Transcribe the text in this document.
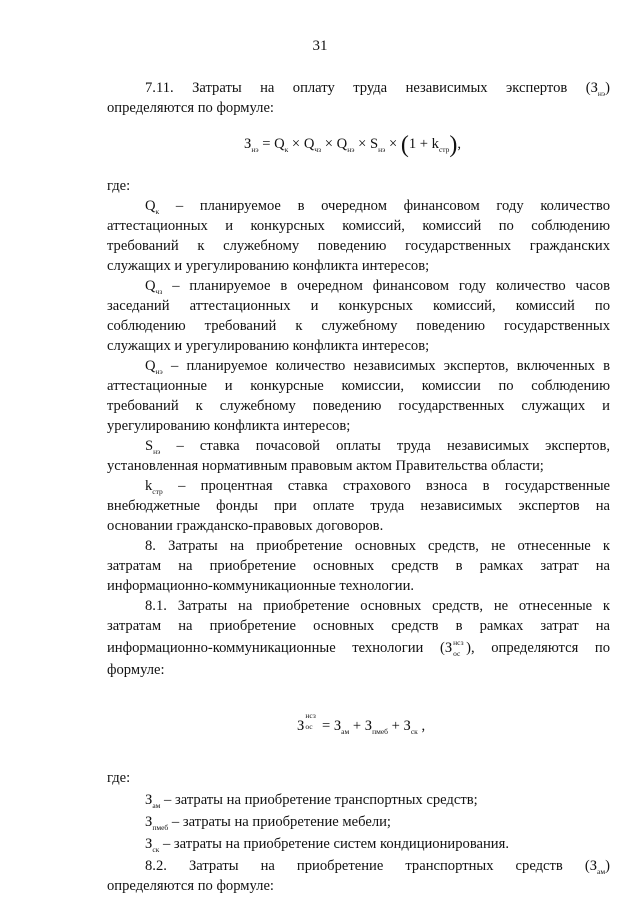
31
7.11. Затраты на оплату труда независимых экспертов $(З_{нэ})$
определяются по формуле:
$З_{нэ} = Q_к \times Q_{чз} \times Q_{нэ} \times S_{нэ} \times (1 + k_{стр})$,
где:
$Q_к$ – планируемое в очередном финансовом году количество
аттестационных и конкурсных комиссий, комиссий по соблюдению
требований к служебному поведению государственных гражданских
служащих и урегулированию конфликта интересов;
$Q_{чз}$ – планируемое в очередном финансовом году количество часов
заседаний аттестационных и конкурсных комиссий, комиссий по
соблюдению требований к служебному поведению государственных
служащих и урегулированию конфликта интересов;
$Q_{нэ}$ – планируемое количество независимых экспертов, включенных в
аттестационные и конкурсные комиссии, комиссии по соблюдению
требований к служебному поведению государственных служащих и
урегулированию конфликта интересов;
$S_{нэ}$ – ставка почасовой оплаты труда независимых экспертов,
установленная нормативным правовым актом Правительства области;
$k_{стр}$ – процентная ставка страхового взноса в государственные
внебюджетные фонды при оплате труда независимых экспертов на
основании гражданско-правовых договоров.
8. Затраты на приобретение основных средств, не отнесенные к
затратам на приобретение основных средств в рамках затрат на
информационно-коммуникационные технологии.
8.1. Затраты на приобретение основных средств, не отнесенные к
затратам на приобретение основных средств в рамках затрат на
информационно-коммуникационные технологии (З нсз
ос ), определяются по
формуле:
З
нсз
ос = $З_{ам} + З_{пмеб} + З_{ск}$ ,
где:
$З_{ам}$ – затраты на приобретение транспортных средств;
$З_{пмеб}$ – затраты на приобретение мебели;
$З_{ск}$ – затраты на приобретение систем кондиционирования.
8.2. Затраты на приобретение транспортных средств $(З_{ам})$
определяются по формуле:
